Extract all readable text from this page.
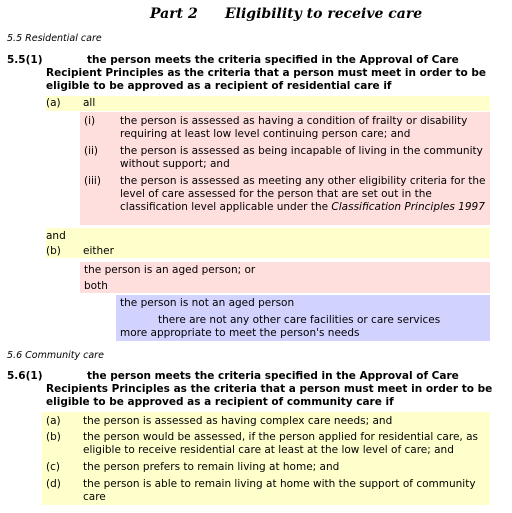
Part 2 Eligibility to receive care
5.5 Residential care
5.5(1)	the person meets the criteria specified in the Approval of Care Recipient Principles as the criteria that a person must meet in order to be eligible to be approved as a recipient of residential care if
(a) all
(i) the person is assessed as having a condition of frailty or disability requiring at least low level continuing person care; and
(ii) the person is assessed as being incapable of living in the community without support; and
(iii) the person is assessed as meeting any other eligibility criteria for the level of care assessed for the person that are set out in the classification level applicable under the Classification Principles 1997
and
(b) either
the person is an aged person; or
both
the person is not an aged person
there are not any other care facilities or care services more appropriate to meet the person's needs
5.6 Community care
5.6(1)	the person meets the criteria specified in the Approval of Care Recipients Principles as the criteria that a person must meet in order to be eligible to be approved as a recipient of community care if
(a) the person is assessed as having complex care needs; and
(b) the person would be assessed, if the person applied for residential care, as eligible to receive residential care at least at the low level of care; and
(c) the person prefers to remain living at home; and
(d) the person is able to remain living at home with the support of community care
